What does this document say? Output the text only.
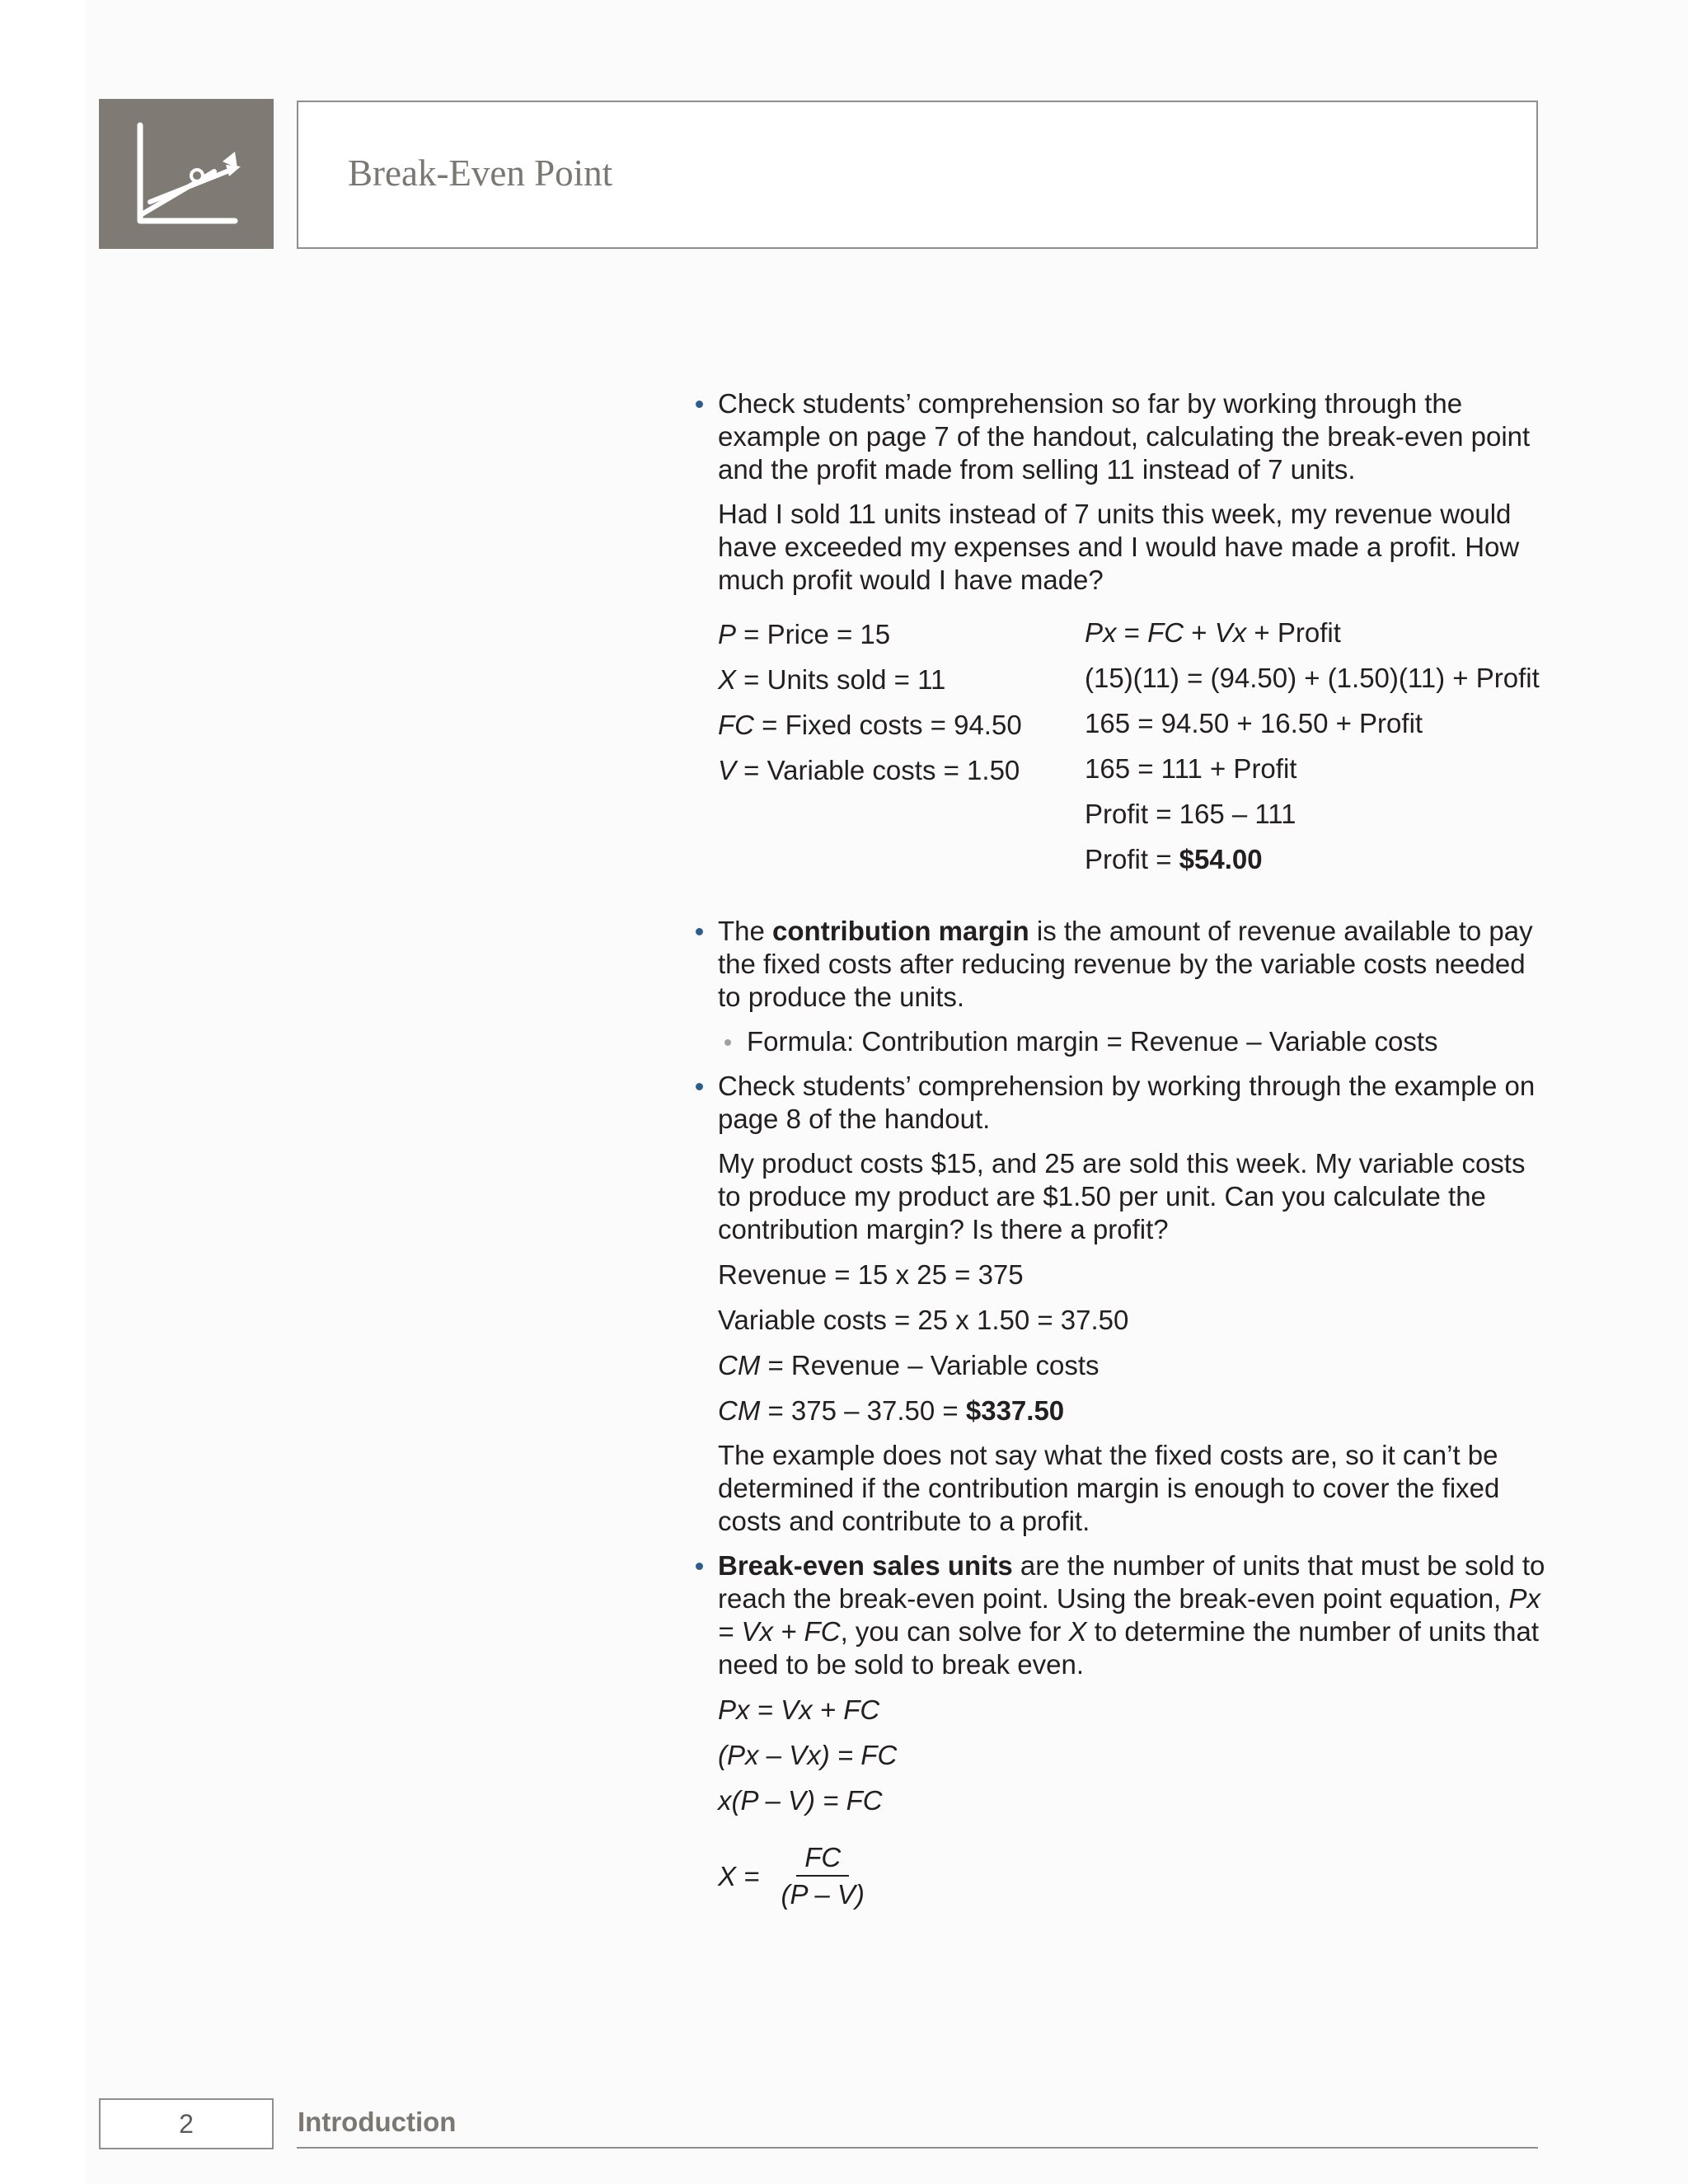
Break-Even Point
Check students’ comprehension so far by working through the example on page 7 of the handout, calculating the break-even point and the profit made from selling 11 instead of 7 units.
Had I sold 11 units instead of 7 units this week, my revenue would have exceeded my expenses and I would have made a profit. How much profit would I have made?
P = Price = 15
X = Units sold = 11
FC = Fixed costs = 94.50
V = Variable costs = 1.50
Px = FC + Vx + Profit
(15)(11) = (94.50) + (1.50)(11) + Profit
165 = 94.50 + 16.50 + Profit
165 = 111 + Profit
Profit = 165 – 111
Profit = $54.00
The contribution margin is the amount of revenue available to pay the fixed costs after reducing revenue by the variable costs needed to produce the units.
Formula: Contribution margin = Revenue – Variable costs
Check students’ comprehension by working through the example on page 8 of the handout.
My product costs $15, and 25 are sold this week. My variable costs to produce my product are $1.50 per unit. Can you calculate the contribution margin? Is there a profit?
Revenue = 15 x 25 = 375
Variable costs = 25 x 1.50 = 37.50
CM = Revenue – Variable costs
CM = 375 – 37.50 = $337.50
The example does not say what the fixed costs are, so it can’t be determined if the contribution margin is enough to cover the fixed costs and contribute to a profit.
Break-even sales units are the number of units that must be sold to reach the break-even point. Using the break-even point equation, Px = Vx + FC, you can solve for X to determine the number of units that need to be sold to break even.
Px = Vx + FC
(Px – Vx) = FC
x(P – V) = FC
$X = \frac{FC}{(P - V)}$
2	Introduction
